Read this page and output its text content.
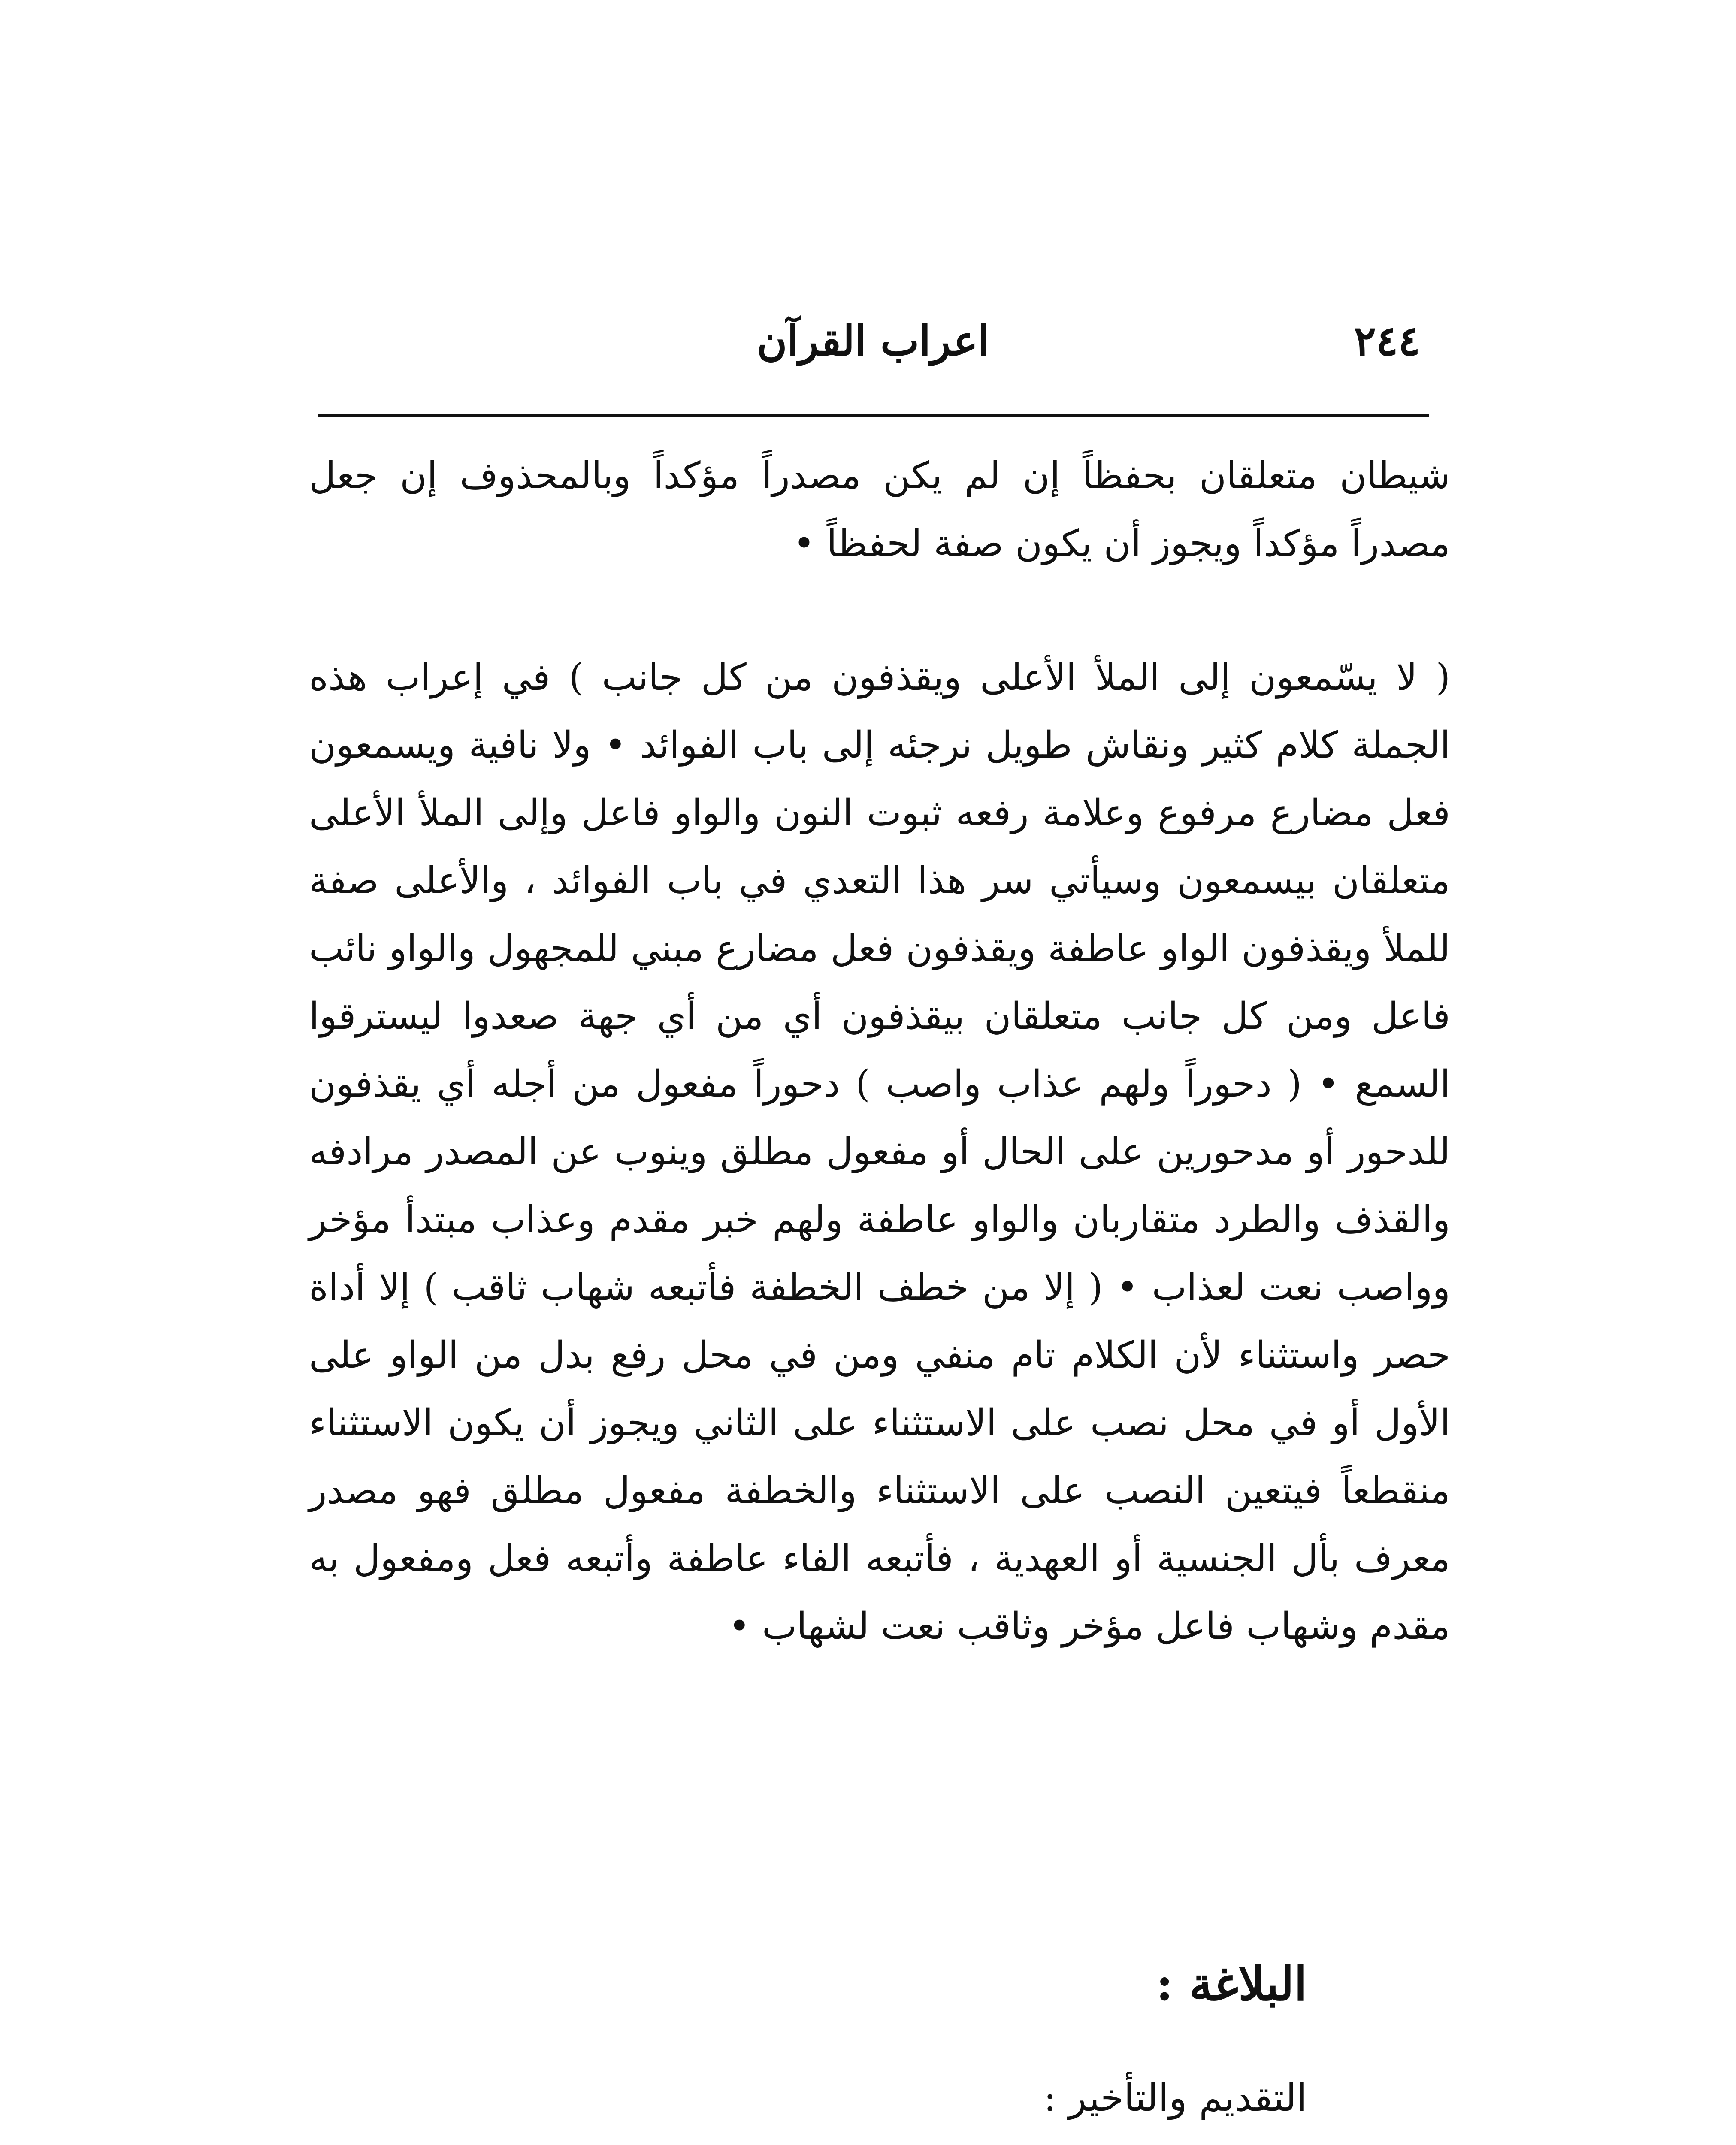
٢٤٤
اعراب القرآن

شيطان متعلقان بحفظاً إن لم يكن مصدراً مؤكداً وبالمحذوف إن جعل مصدراً مؤكداً ويجوز أن يكون صفة لحفظاً •

( لا يسّمعون إلى الملأ الأعلى ويقذفون من كل جانب ) في إعراب هذه الجملة كلام كثير ونقاش طويل نرجئه إلى باب الفوائد • ولا نافية ويسمعون فعل مضارع مرفوع وعلامة رفعه ثبوت النون والواو فاعل وإلى الملأ الأعلى متعلقان بيسمعون وسيأتي سر هذا التعدي في باب الفوائد ، والأعلى صفة للملأ ويقذفون الواو عاطفة ويقذفون فعل مضارع مبني للمجهول والواو نائب فاعل ومن كل جانب متعلقان بيقذفون أي من أي جهة صعدوا ليسترقوا السمع • ( دحوراً ولهم عذاب واصب ) دحوراً مفعول من أجله أي يقذفون للدحور أو مدحورين على الحال أو مفعول مطلق وينوب عن المصدر مرادفه والقذف والطرد متقاربان والواو عاطفة ولهم خبر مقدم وعذاب مبتدأ مؤخر وواصب نعت لعذاب • ( إلا من خطف الخطفة فأتبعه شهاب ثاقب ) إلا أداة حصر واستثناء لأن الكلام تام منفي ومن في محل رفع بدل من الواو على الأول أو في محل نصب على الاستثناء على الثاني ويجوز أن يكون الاستثناء منقطعاً فيتعين النصب على الاستثناء والخطفة مفعول مطلق فهو مصدر معرف بأل الجنسية أو العهدية ، فأتبعه الفاء عاطفة وأتبعه فعل ومفعول به مقدم وشهاب فاعل مؤخر وثاقب نعت لشهاب •

البلاغة :
التقديم والتأخير :
